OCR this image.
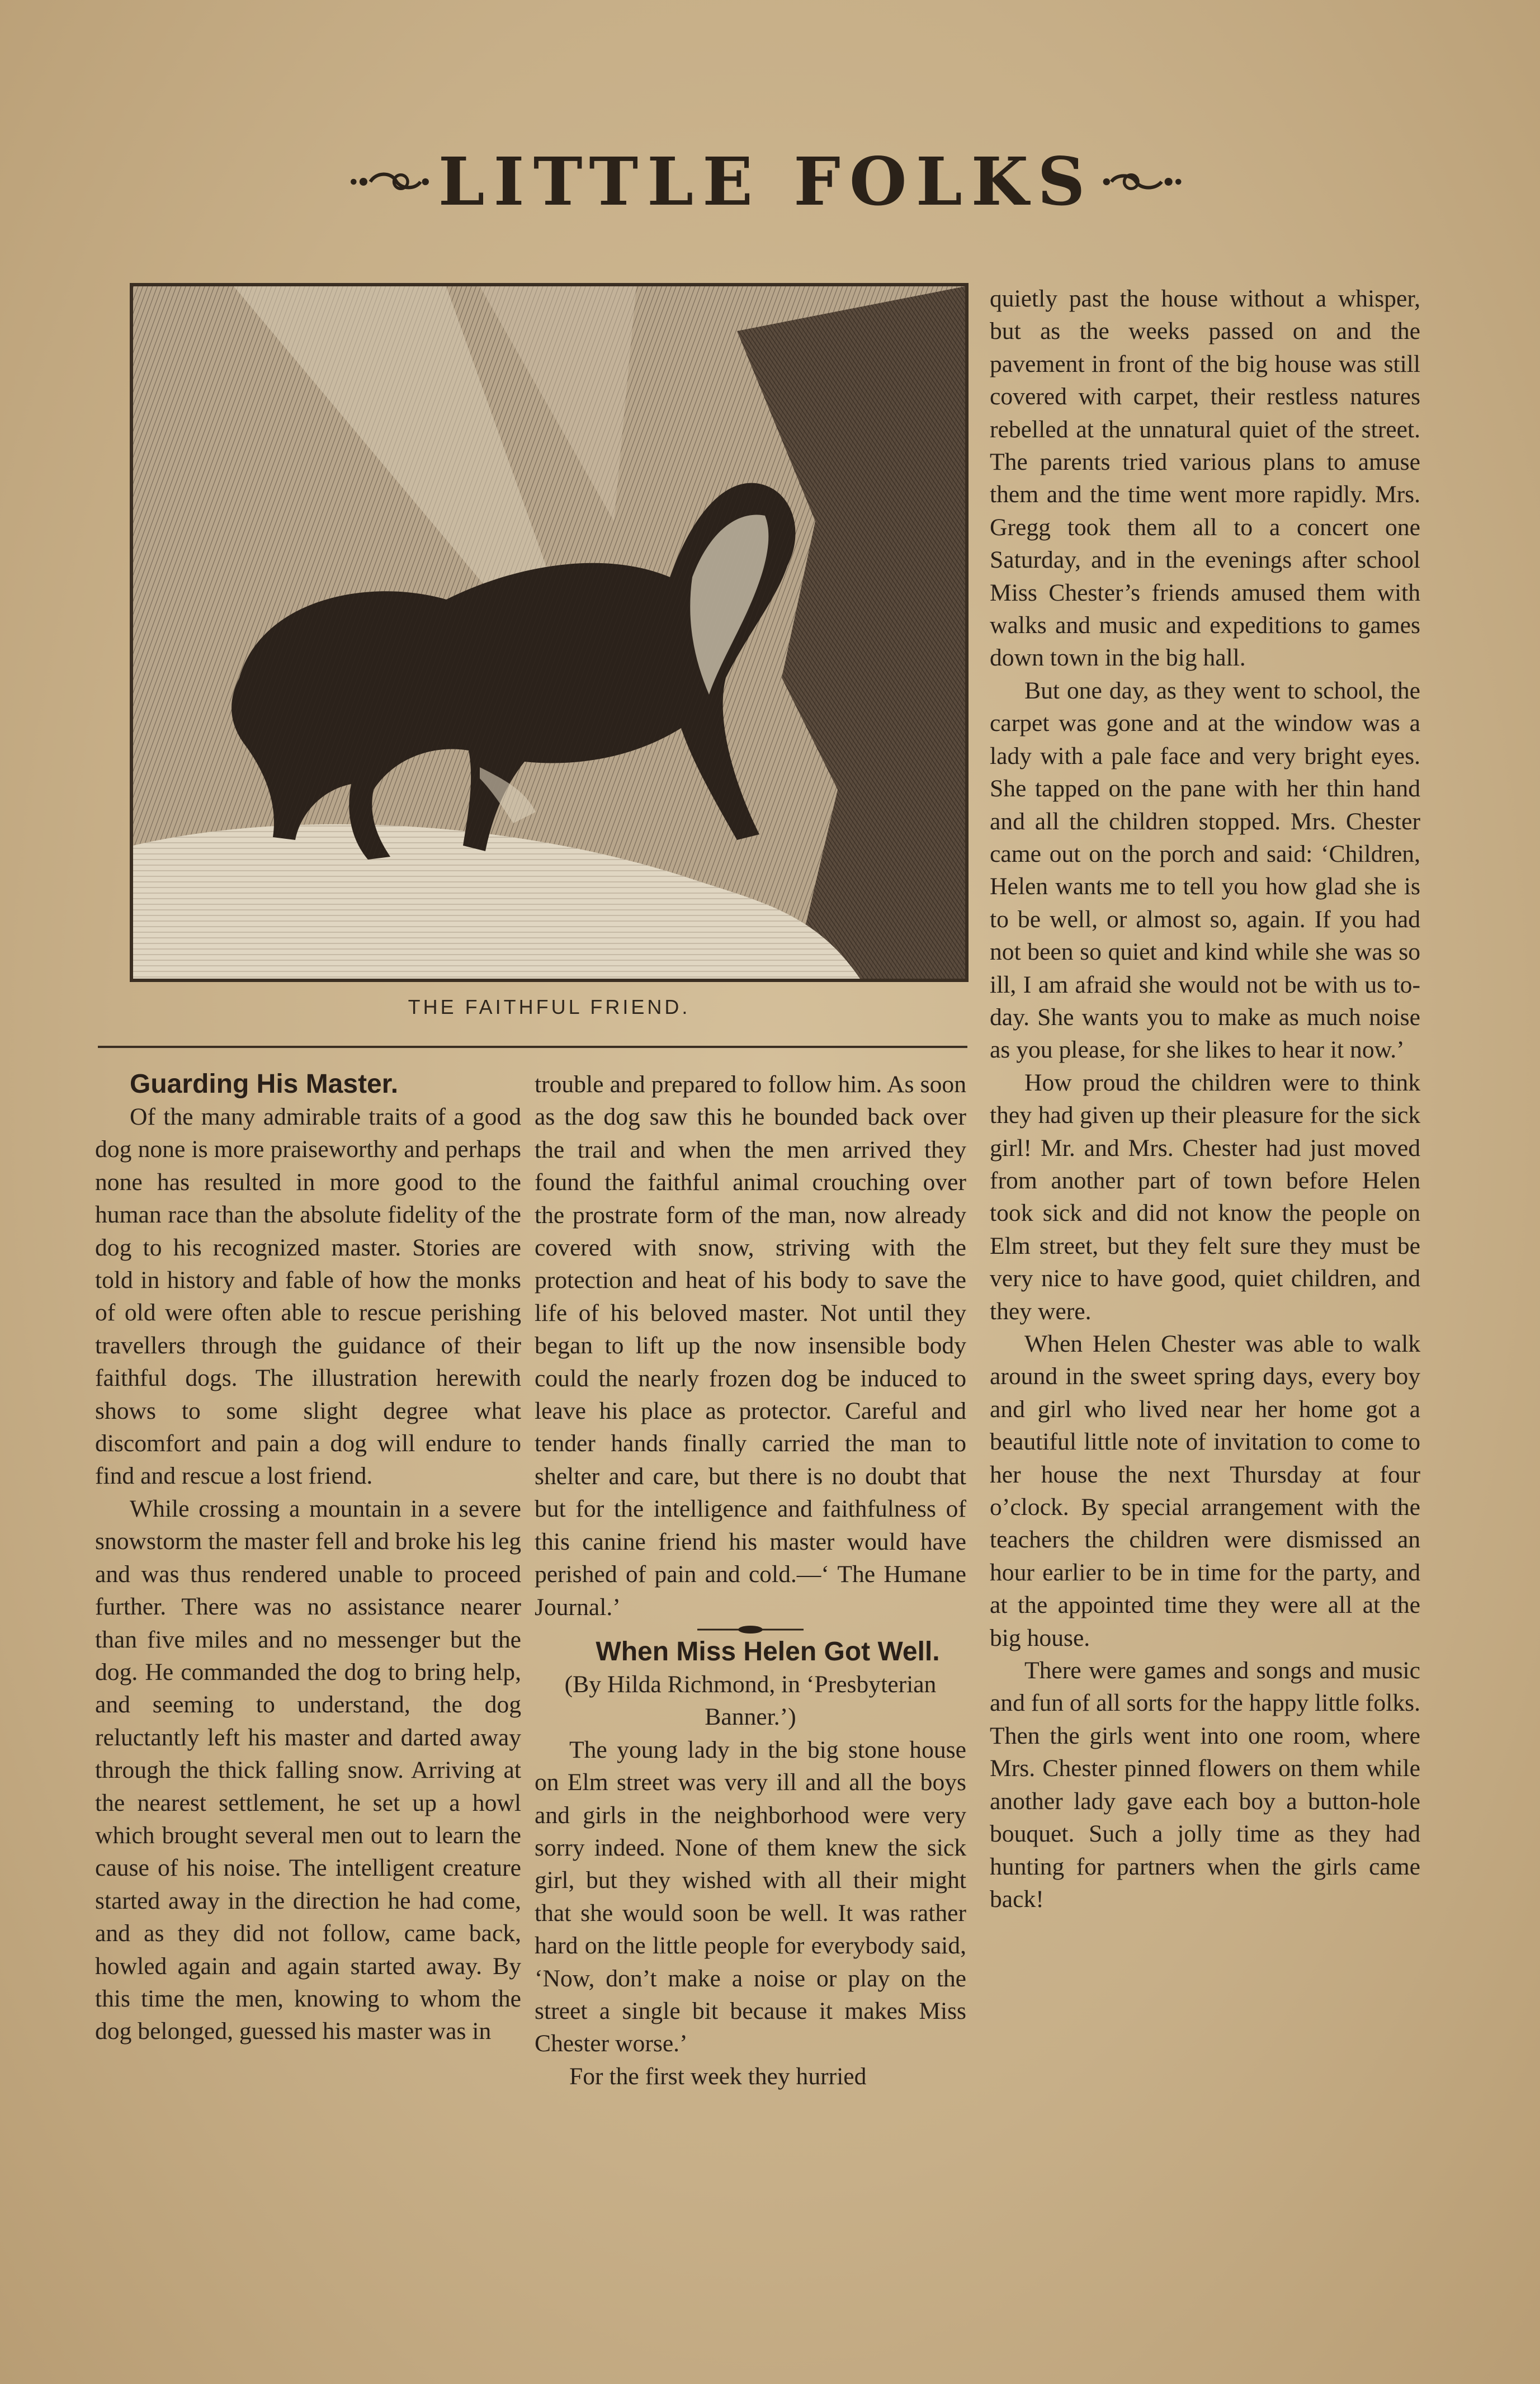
LITTLE FOLKS
THE FAITHFUL FRIEND.

Guarding His Master.

Of the many admirable traits of a good dog none is more praiseworthy and perhaps none has resulted in more good to the human race than the absolute fidelity of the dog to his recognized master. Stories are told in history and fable of how the monks of old were often able to rescue perishing travellers through the guidance of their faithful dogs. The illustration herewith shows to some slight degree what discomfort and pain a dog will endure to find and rescue a lost friend.

While crossing a mountain in a severe snowstorm the master fell and broke his leg and was thus rendered unable to proceed further. There was no assistance nearer than five miles and no messenger but the dog. He commanded the dog to bring help, and seeming to understand, the dog reluctantly left his master and darted away through the thick falling snow. Arriving at the nearest settlement, he set up a howl which brought several men out to learn the cause of his noise. The intelligent creature started away in the direction he had come, and as they did not follow, came back, howled again and again started away. By this time the men, knowing to whom the dog belonged, guessed his master was in

trouble and prepared to follow him. As soon as the dog saw this he bounded back over the trail and when the men arrived they found the faithful animal crouching over the prostrate form of the man, now already covered with snow, striving with the protection and heat of his body to save the life of his beloved master. Not until they began to lift up the now insensible body could the nearly frozen dog be induced to leave his place as protector. Careful and tender hands finally carried the man to shelter and care, but there is no doubt that but for the intelligence and faithfulness of this canine friend his master would have perished of pain and cold.—‘ The Humane Journal.’

When Miss Helen Got Well.

(By Hilda Richmond, in ‘Presbyterian Banner.’)

The young lady in the big stone house on Elm street was very ill and all the boys and girls in the neighborhood were very sorry indeed. None of them knew the sick girl, but they wished with all their might that she would soon be well. It was rather hard on the little people for everybody said, ‘Now, don’t make a noise or play on the street a single bit because it makes Miss Chester worse.’

For the first week they hurried

quietly past the house without a whisper, but as the weeks passed on and the pavement in front of the big house was still covered with carpet, their restless natures rebelled at the unnatural quiet of the street. The parents tried various plans to amuse them and the time went more rapidly. Mrs. Gregg took them all to a concert one Saturday, and in the evenings after school Miss Chester’s friends amused them with walks and music and expeditions to games down town in the big hall.

But one day, as they went to school, the carpet was gone and at the window was a lady with a pale face and very bright eyes. She tapped on the pane with her thin hand and all the children stopped. Mrs. Chester came out on the porch and said: ‘Children, Helen wants me to tell you how glad she is to be well, or almost so, again. If you had not been so quiet and kind while she was so ill, I am afraid she would not be with us to-day. She wants you to make as much noise as you please, for she likes to hear it now.’

How proud the children were to think they had given up their pleasure for the sick girl! Mr. and Mrs. Chester had just moved from another part of town before Helen took sick and did not know the people on Elm street, but they felt sure they must be very nice to have good, quiet children, and they were.

When Helen Chester was able to walk around in the sweet spring days, every boy and girl who lived near her home got a beautiful little note of invitation to come to her house the next Thursday at four o’clock. By special arrangement with the teachers the children were dismissed an hour earlier to be in time for the party, and at the appointed time they were all at the big house.

There were games and songs and music and fun of all sorts for the happy little folks. Then the girls went into one room, where Mrs. Chester pinned flowers on them while another lady gave each boy a button-hole bouquet. Such a jolly time as they had hunting for partners when the girls came back!
